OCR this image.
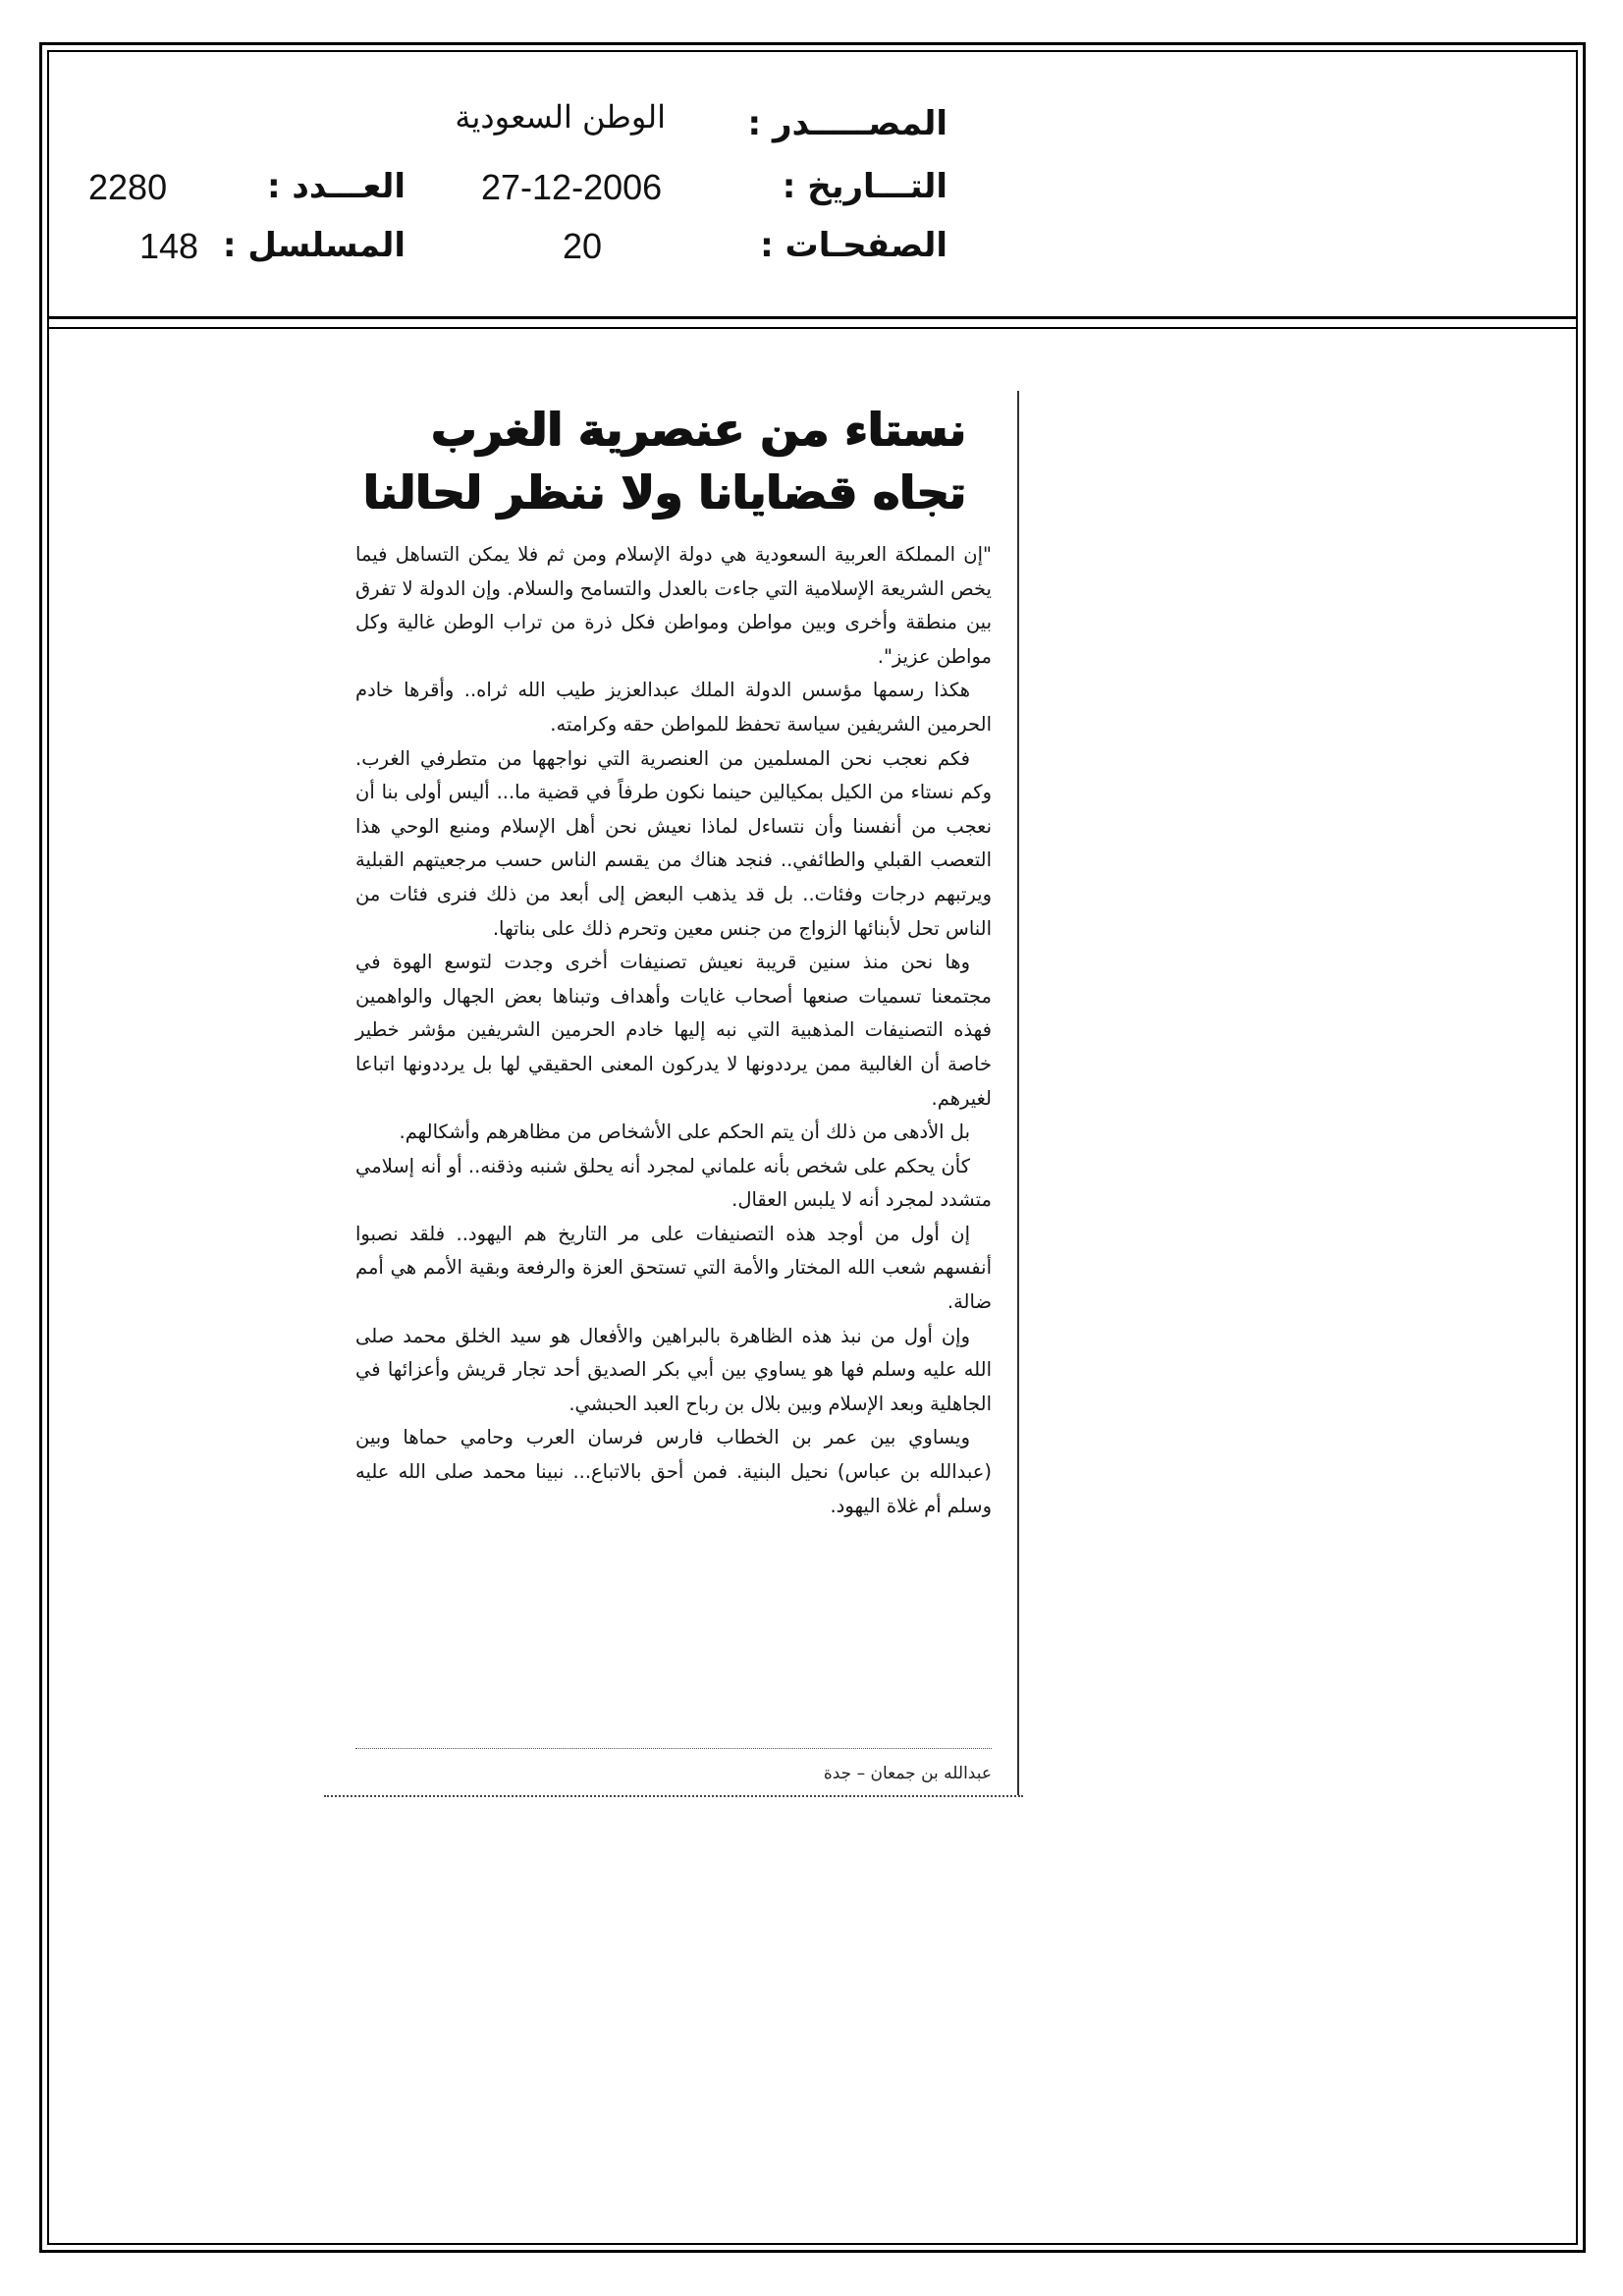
المصـــــدر :
الوطن السعودية
التـــاريخ :
27-12-2006
الصفحـات :
20
العـــدد :
2280
المسلسل :
148
نستاء من عنصرية الغرب
تجاه قضايانا ولا ننظر لحالنا

"إن المملكة العربية السعودية هي دولة الإسلام ومن ثم فلا يمكن التساهل فيما يخص الشريعة الإسلامية التي جاءت بالعدل والتسامح والسلام. وإن الدولة لا تفرق بين منطقة وأخرى وبين مواطن ومواطن فكل ذرة من تراب الوطن غالية وكل مواطن عزيز".

هكذا رسمها مؤسس الدولة الملك عبدالعزيز طيب الله ثراه.. وأقرها خادم الحرمين الشريفين سياسة تحفظ للمواطن حقه وكرامته.

فكم نعجب نحن المسلمين من العنصرية التي نواجهها من متطرفي الغرب. وكم نستاء من الكيل بمكيالين حينما نكون طرفاً في قضية ما... أليس أولى بنا أن نعجب من أنفسنا وأن نتساءل لماذا نعيش نحن أهل الإسلام ومنبع الوحي هذا التعصب القبلي والطائفي.. فنجد هناك من يقسم الناس حسب مرجعيتهم القبلية ويرتبهم درجات وفئات.. بل قد يذهب البعض إلى أبعد من ذلك فنرى فئات من الناس تحل لأبنائها الزواج من جنس معين وتحرم ذلك على بناتها.

وها نحن منذ سنين قريبة نعيش تصنيفات أخرى وجدت لتوسع الهوة في مجتمعنا تسميات صنعها أصحاب غايات وأهداف وتبناها بعض الجهال والواهمين فهذه التصنيفات المذهبية التي نبه إليها خادم الحرمين الشريفين مؤشر خطير خاصة أن الغالبية ممن يرددونها لا يدركون المعنى الحقيقي لها بل يرددونها اتباعا لغيرهم.

بل الأدهى من ذلك أن يتم الحكم على الأشخاص من مظاهرهم وأشكالهم.

كأن يحكم على شخص بأنه علماني لمجرد أنه يحلق شنبه وذقنه.. أو أنه إسلامي متشدد لمجرد أنه لا يلبس العقال.

إن أول من أوجد هذه التصنيفات على مر التاريخ هم اليهود.. فلقد نصبوا أنفسهم شعب الله المختار والأمة التي تستحق العزة والرفعة وبقية الأمم هي أمم ضالة.

وإن أول من نبذ هذه الظاهرة بالبراهين والأفعال هو سيد الخلق محمد صلى الله عليه وسلم فها هو يساوي بين أبي بكر الصديق أحد تجار قريش وأعزائها في الجاهلية وبعد الإسلام وبين بلال بن رباح العبد الحبشي.

ويساوي بين عمر بن الخطاب فارس فرسان العرب وحامي حماها وبين (عبدالله بن عباس) نحيل البنية. فمن أحق بالاتباع... نبينا محمد صلى الله عليه وسلم أم غلاة اليهود.

عبدالله بن جمعان – جدة
